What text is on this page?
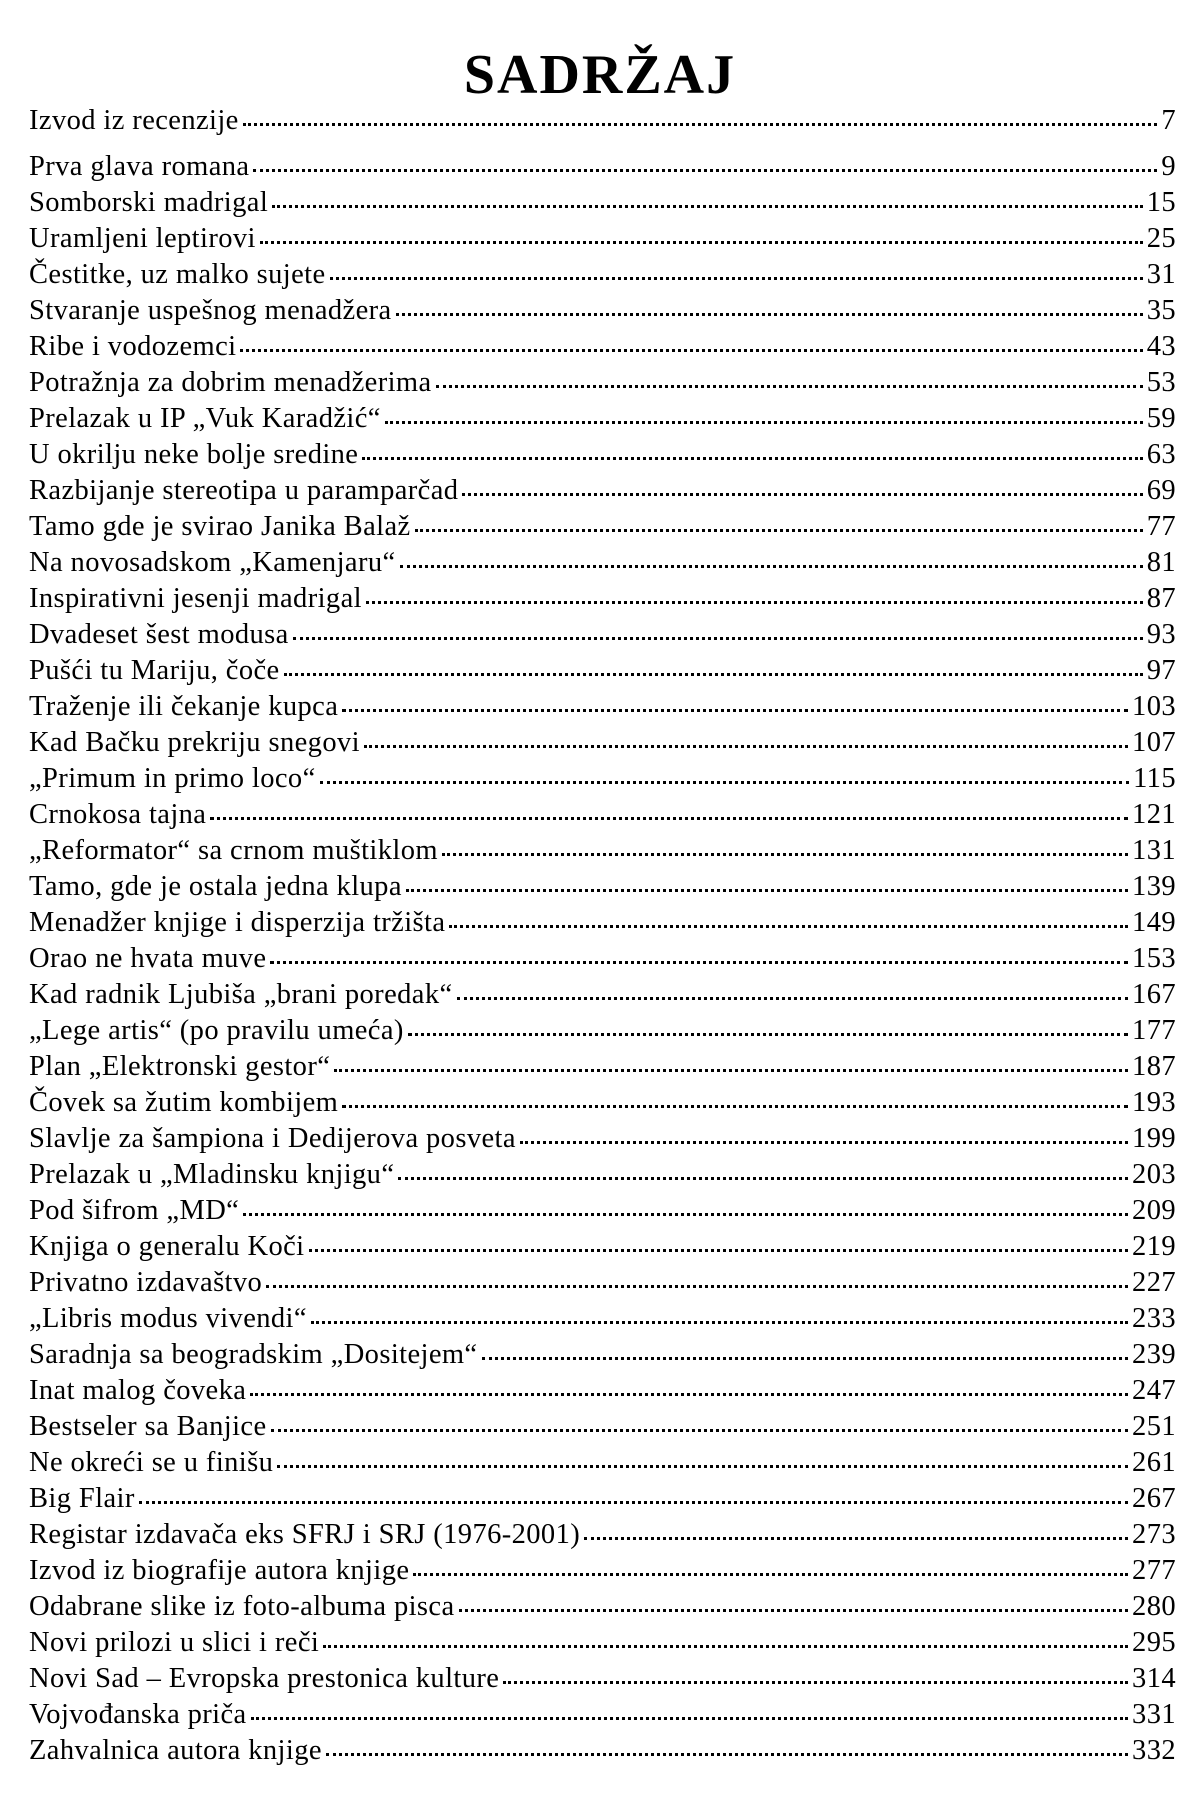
SADRŽAJ
Izvod iz recenzije	7
Prva glava romana	9
Somborski madrigal	15
Uramljeni leptirovi	25
Čestitke, uz malko sujete	31
Stvaranje uspešnog menadžera	35
Ribe i vodozemci	43
Potražnja za dobrim menadžerima	53
Prelazak u IP „Vuk Karadžić“	59
U okrilju neke bolje sredine	63
Razbijanje stereotipa u paramparčad	69
Tamo gde je svirao Janika Balaž	77
Na novosadskom „Kamenjaru“	81
Inspirativni jesenji madrigal	87
Dvadeset šest modusa	93
Pušći tu Mariju, čoče	97
Traženje ili čekanje kupca	103
Kad Bačku prekriju snegovi	107
„Primum in primo loco“	115
Crnokosa tajna	121
„Reformator“ sa crnom muštiklom	131
Tamo, gde je ostala jedna klupa	139
Menadžer knjige i disperzija tržišta	149
Orao ne hvata muve	153
Kad radnik Ljubiša „brani poredak“	167
„Lege artis“ (po pravilu umeća)	177
Plan „Elektronski gestor“	187
Čovek sa žutim kombijem	193
Slavlje za šampiona i Dedijerova posveta	199
Prelazak u „Mladinsku knjigu“	203
Pod šifrom „MD“	209
Knjiga o generalu Koči	219
Privatno izdavaštvo	227
„Libris modus vivendi“	233
Saradnja sa beogradskim „Dositejem“	239
Inat malog čoveka	247
Bestseler sa Banjice	251
Ne okreći se u finišu	261
Big Flair	267
Registar izdavača eks SFRJ i SRJ (1976-2001)	273
Izvod iz biografije autora knjige	277
Odabrane slike iz foto-albuma pisca	280
Novi prilozi u slici i reči	295
Novi Sad – Evropska prestonica kulture	314
Vojvođanska priča	331
Zahvalnica autora knjige	332
